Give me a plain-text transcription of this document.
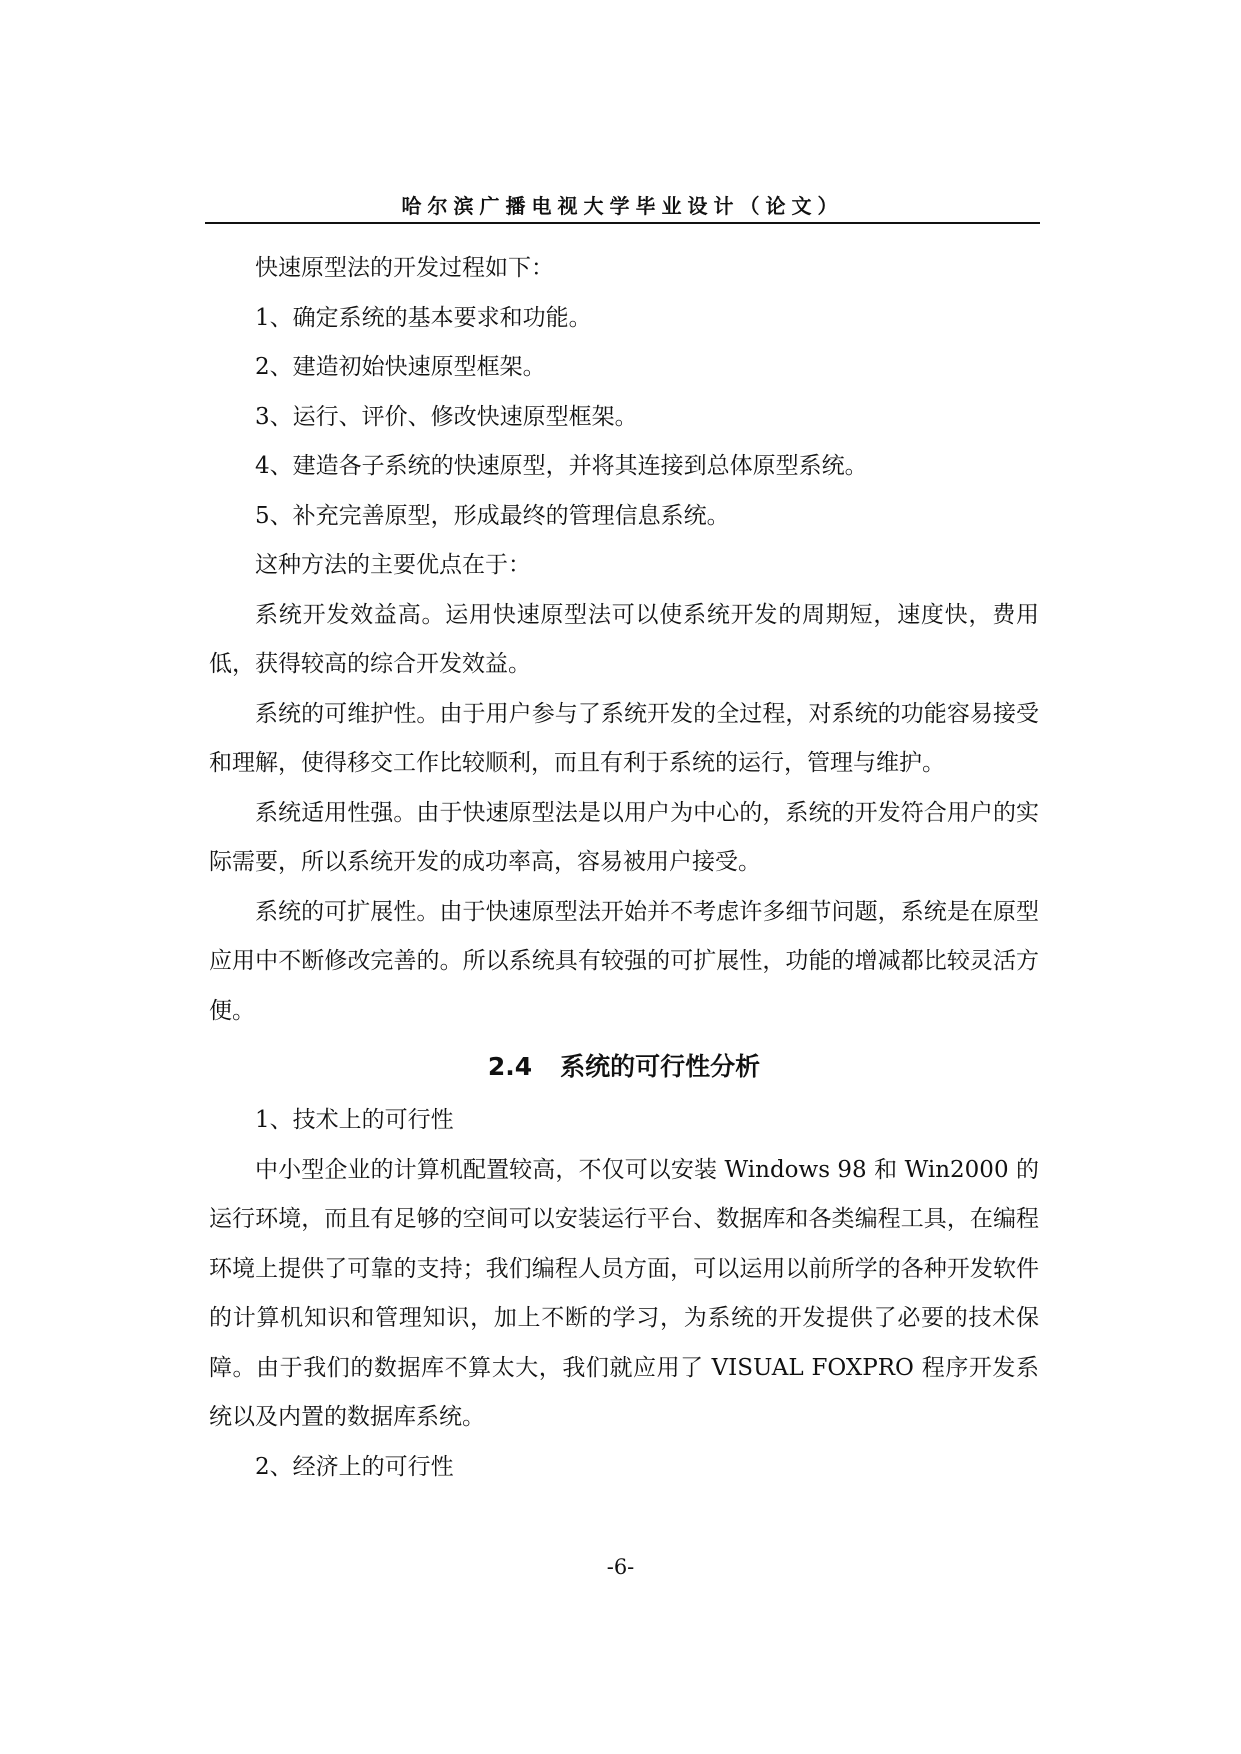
哈尔滨广播电视大学毕业设计（论文）

快速原型法的开发过程如下：

1、确定系统的基本要求和功能。

2、建造初始快速原型框架。

3、运行、评价、修改快速原型框架。

4、建造各子系统的快速原型，并将其连接到总体原型系统。

5、补充完善原型，形成最终的管理信息系统。

这种方法的主要优点在于：

系统开发效益高。运用快速原型法可以使系统开发的周期短，速度快，费用低，获得较高的综合开发效益。

系统的可维护性。由于用户参与了系统开发的全过程，对系统的功能容易接受和理解，使得移交工作比较顺利，而且有利于系统的运行，管理与维护。

系统适用性强。由于快速原型法是以用户为中心的，系统的开发符合用户的实际需要，所以系统开发的成功率高，容易被用户接受。

系统的可扩展性。由于快速原型法开始并不考虑许多细节问题，系统是在原型应用中不断修改完善的。所以系统具有较强的可扩展性，功能的增减都比较灵活方便。

2.4 系统的可行性分析

1、技术上的可行性

中小型企业的计算机配置较高，不仅可以安装 Windows 98 和 Win2000 的运行环境，而且有足够的空间可以安装运行平台、数据库和各类编程工具，在编程环境上提供了可靠的支持；我们编程人员方面，可以运用以前所学的各种开发软件的计算机知识和管理知识，加上不断的学习，为系统的开发提供了必要的技术保障。由于我们的数据库不算太大，我们就应用了 VISUAL FOXPRO 程序开发系统以及内置的数据库系统。

2、经济上的可行性

-6-
